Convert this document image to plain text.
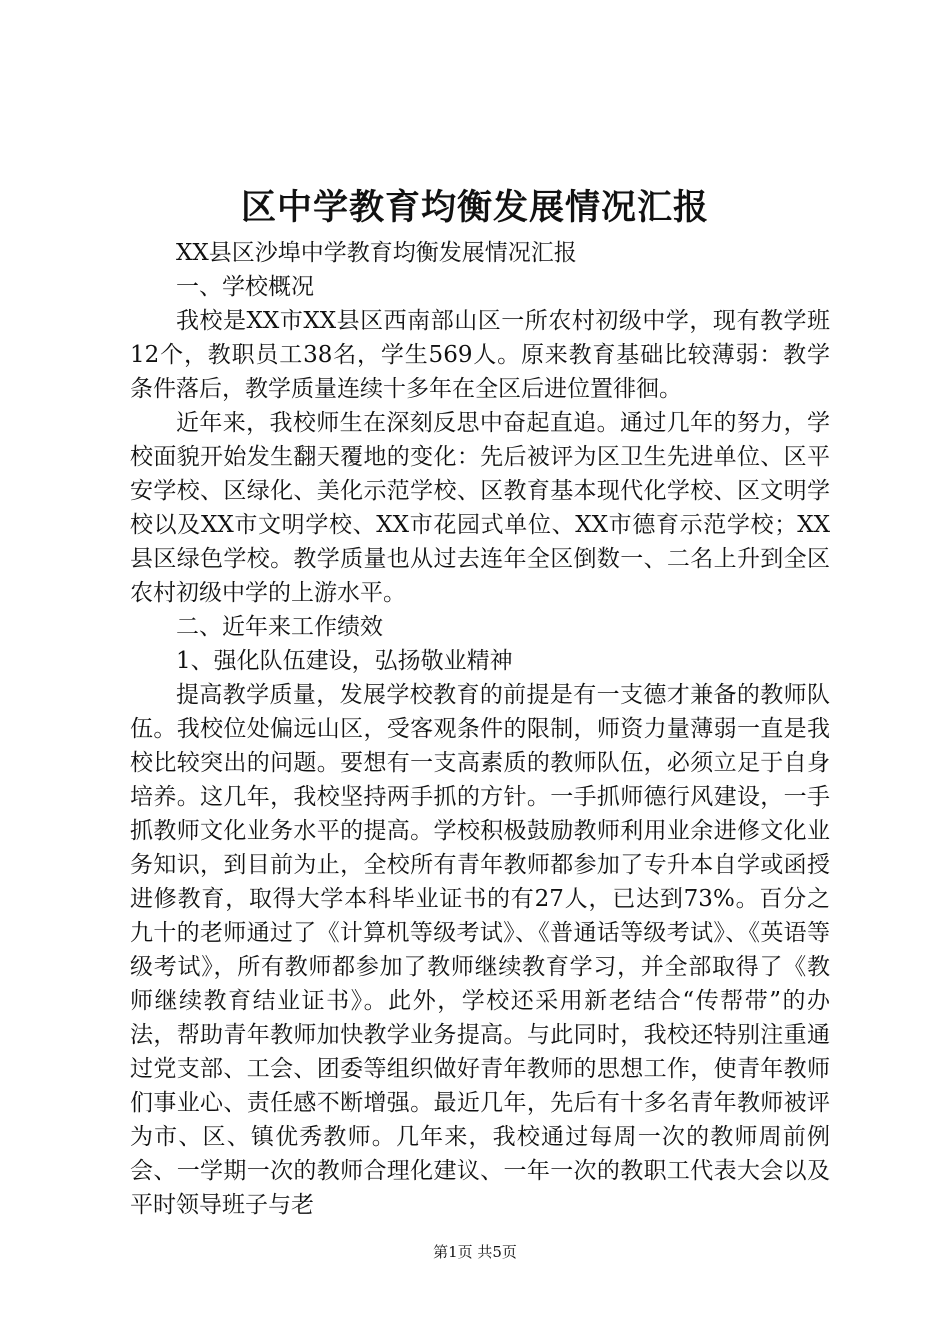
区中学教育均衡发展情况汇报

XX县区沙埠中学教育均衡发展情况汇报

一、学校概况

我校是XX市XX县区西南部山区一所农村初级中学，现有教学班12个，教职员工38名，学生569人。原来教育基础比较薄弱：教学条件落后，教学质量连续十多年在全区后进位置徘徊。

近年来，我校师生在深刻反思中奋起直追。通过几年的努力，学校面貌开始发生翻天覆地的变化：先后被评为区卫生先进单位、区平安学校、区绿化、美化示范学校、区教育基本现代化学校、区文明学校以及XX市文明学校、XX市花园式单位、XX市德育示范学校；XX县区绿色学校。教学质量也从过去连年全区倒数一、二名上升到全区农村初级中学的上游水平。

二、近年来工作绩效

1、强化队伍建设，弘扬敬业精神

提高教学质量，发展学校教育的前提是有一支德才兼备的教师队伍。我校位处偏远山区，受客观条件的限制，师资力量薄弱一直是我校比较突出的问题。要想有一支高素质的教师队伍，必须立足于自身培养。这几年，我校坚持两手抓的方针。一手抓师德行风建设，一手抓教师文化业务水平的提高。学校积极鼓励教师利用业余进修文化业务知识，到目前为止，全校所有青年教师都参加了专升本自学或函授进修教育，取得大学本科毕业证书的有27人，已达到73%。百分之九十的老师通过了《计算机等级考试》、《普通话等级考试》、《英语等级考试》，所有教师都参加了教师继续教育学习，并全部取得了《教师继续教育结业证书》。此外，学校还采用新老结合“传帮带”的办法，帮助青年教师加快教学业务提高。与此同时，我校还特别注重通过党支部、工会、团委等组织做好青年教师的思想工作，使青年教师们事业心、责任感不断增强。最近几年，先后有十多名青年教师被评为市、区、镇优秀教师。几年来，我校通过每周一次的教师周前例会、一学期一次的教师合理化建议、一年一次的教职工代表大会以及平时领导班子与老

第1页 共5页
